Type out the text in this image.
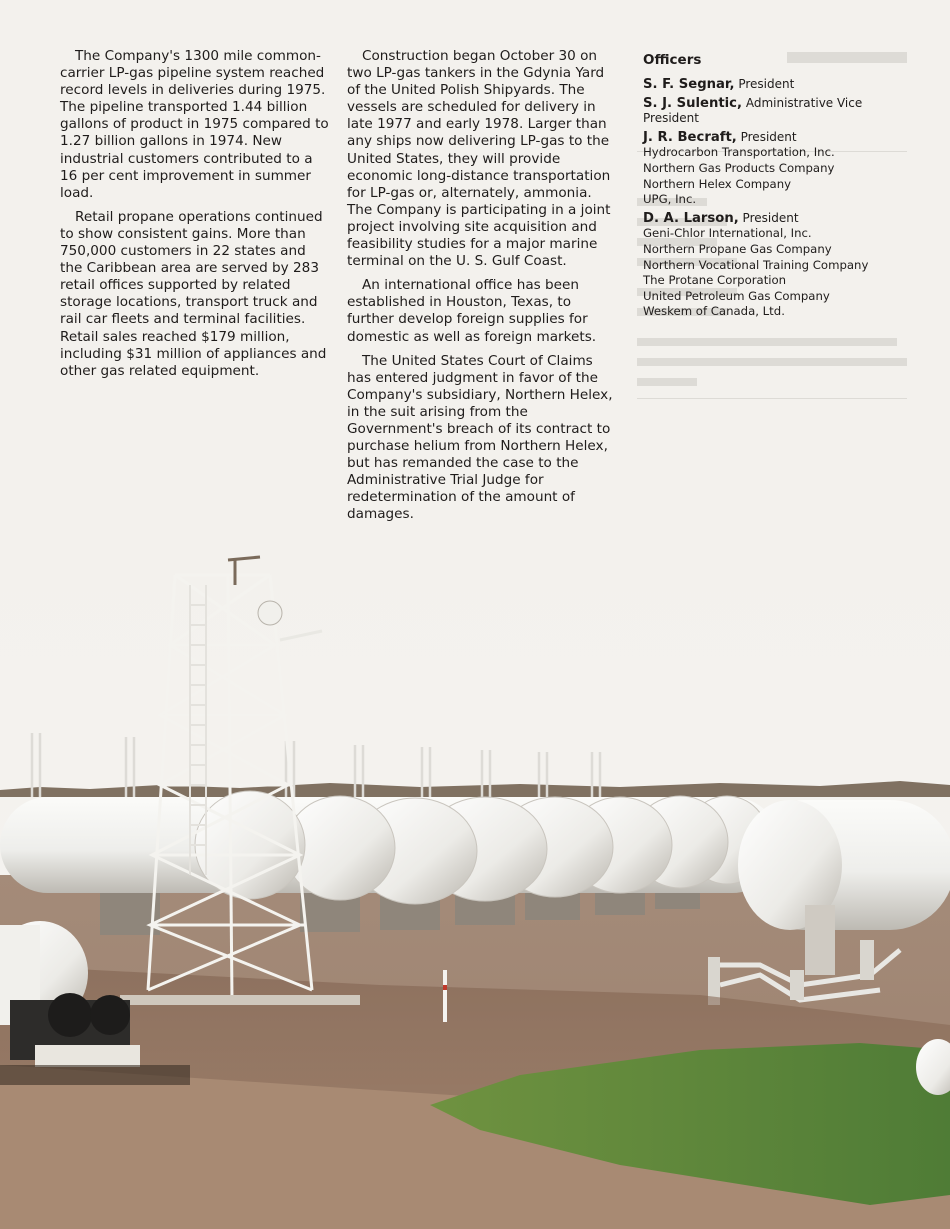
The Company's 1300 mile common-carrier LP-gas pipeline system reached record levels in deliveries during 1975. The pipeline transported 1.44 billion gallons of product in 1975 compared to 1.27 billion gallons in 1974. New industrial customers contributed to a 16 per cent improvement in summer load.

Retail propane operations continued to show consistent gains. More than 750,000 customers in 22 states and the Caribbean area are served by 283 retail offices supported by related storage locations, transport truck and rail car fleets and terminal facilities. Retail sales reached $179 million, including $31 million of appliances and other gas related equipment.

Construction began October 30 on two LP-gas tankers in the Gdynia Yard of the United Polish Shipyards. The vessels are scheduled for delivery in late 1977 and early 1978. Larger than any ships now delivering LP-gas to the United States, they will provide economic long-distance transportation for LP-gas or, alternately, ammonia. The Company is participating in a joint project involving site acquisition and feasibility studies for a major marine terminal on the U. S. Gulf Coast.

An international office has been established in Houston, Texas, to further develop foreign supplies for domestic as well as foreign markets.

The United States Court of Claims has entered judgment in favor of the Company's subsidiary, Northern Helex, in the suit arising from the Government's breach of its contract to purchase helium from Northern Helex, but has remanded the case to the Administrative Trial Judge for redetermination of the amount of damages.

Officers
S. F. Segnar, President
S. J. Sulentic, Administrative Vice President
J. R. Becraft, President
Hydrocarbon Transportation, Inc.
Northern Gas Products Company
Northern Helex Company
UPG, Inc.
D. A. Larson, President
Geni-Chlor International, Inc.
Northern Propane Gas Company
Northern Vocational Training Company
The Protane Corporation
United Petroleum Gas Company
Weskem of Canada, Ltd.
